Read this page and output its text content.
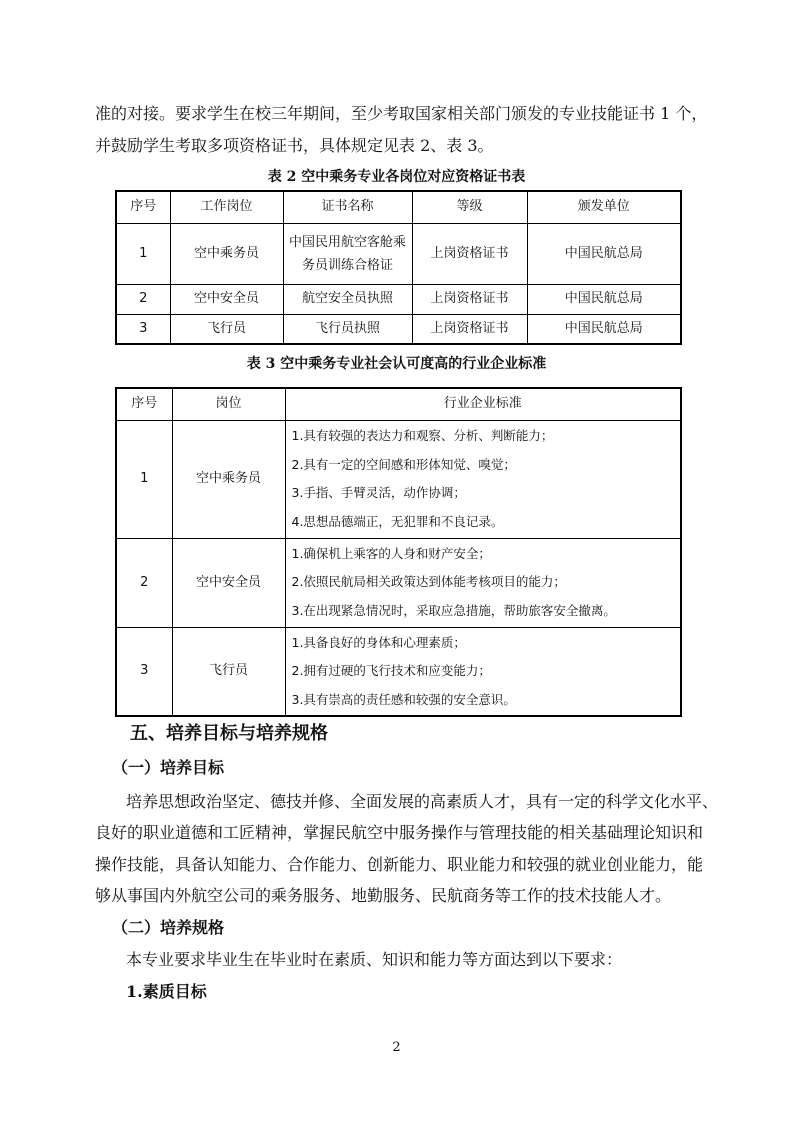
准的对接。要求学生在校三年期间，至少考取国家相关部门颁发的专业技能证书 1 个，
并鼓励学生考取多项资格证书，具体规定见表 2、表 3。
表 2 空中乘务专业各岗位对应资格证书表
序号	工作岗位	证书名称	等级	颁发单位
1	空中乘务员	中国民用航空客舱乘
务员训练合格证	上岗资格证书	中国民航总局
2	空中安全员	航空安全员执照	上岗资格证书	中国民航总局
3	飞行员	飞行员执照	上岗资格证书	中国民航总局
表 3 空中乘务专业社会认可度高的行业企业标准
序号	岗位	行业企业标准
1	空中乘务员	1.具有较强的表达力和观察、分析、判断能力；
2.具有一定的空间感和形体知觉、嗅觉；
3.手指、手臂灵活，动作协调；
4.思想品德端正，无犯罪和不良记录。

2	空中安全员	1.确保机上乘客的人身和财产安全；
2.依照民航局相关政策达到体能考核项目的能力；
3.在出现紧急情况时，采取应急措施，帮助旅客安全撤离。

3	飞行员	1.具备良好的身体和心理素质；
2.拥有过硬的飞行技术和应变能力；
3.具有崇高的责任感和较强的安全意识。
五、培养目标与培养规格
（一）培养目标
培养思想政治坚定、德技并修、全面发展的高素质人才，具有一定的科学文化水平、
良好的职业道德和工匠精神，掌握民航空中服务操作与管理技能的相关基础理论知识和
操作技能，具备认知能力、合作能力、创新能力、职业能力和较强的就业创业能力，能
够从事国内外航空公司的乘务服务、地勤服务、民航商务等工作的技术技能人才。
（二）培养规格
本专业要求毕业生在毕业时在素质、知识和能力等方面达到以下要求：
1.素质目标
2
